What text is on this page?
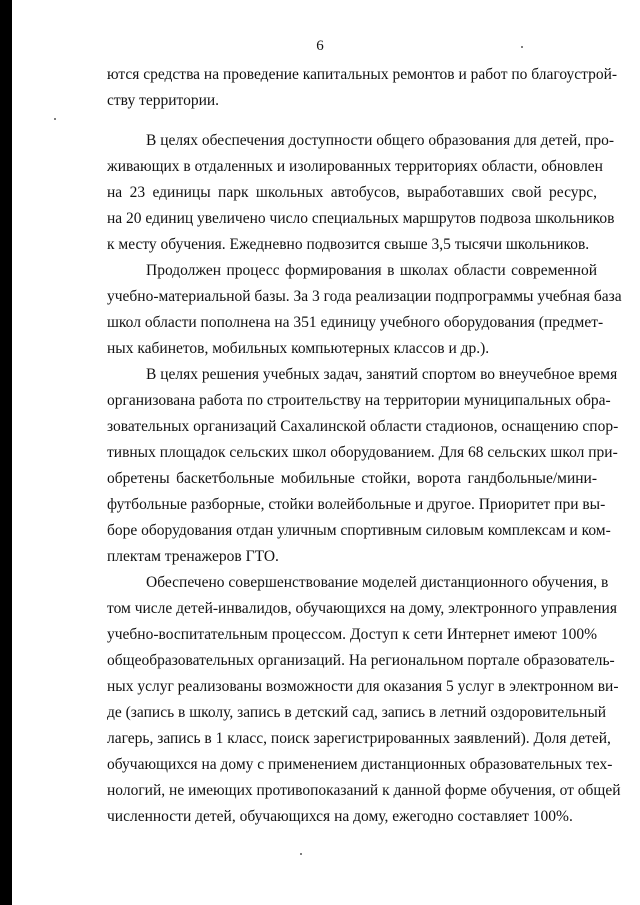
6
ются средства на проведение капитальных ремонтов и работ по благоустрой-
ству территории.
В целях обеспечения доступности общего образования для детей, про-
живающих в отдаленных и изолированных территориях области, обновлен
на 23 единицы парк школьных автобусов, выработавших свой ресурс,
на 20 единиц увеличено число специальных маршрутов подвоза школьников
к месту обучения. Ежедневно подвозится свыше 3,5 тысячи школьников.
Продолжен процесс формирования в школах области современной
учебно-материальной базы. За 3 года реализации подпрограммы учебная база
школ области пополнена на 351 единицу учебного оборудования (предмет-
ных кабинетов, мобильных компьютерных классов и др.).
В целях решения учебных задач, занятий спортом во внеучебное время
организована работа по строительству на территории муниципальных обра-
зовательных организаций Сахалинской области стадионов, оснащению спор-
тивных площадок сельских школ оборудованием. Для 68 сельских школ при-
обретены баскетбольные мобильные стойки, ворота гандбольные/мини-
футбольные разборные, стойки волейбольные и другое. Приоритет при вы-
боре оборудования отдан уличным спортивным силовым комплексам и ком-
плектам тренажеров ГТО.
Обеспечено совершенствование моделей дистанционного обучения, в
том числе детей-инвалидов, обучающихся на дому, электронного управления
учебно-воспитательным процессом. Доступ к сети Интернет имеют 100%
общеобразовательных организаций. На региональном портале образователь-
ных услуг реализованы возможности для оказания 5 услуг в электронном ви-
де (запись в школу, запись в детский сад, запись в летний оздоровительный
лагерь, запись в 1 класс, поиск зарегистрированных заявлений). Доля детей,
обучающихся на дому с применением дистанционных образовательных тех-
нологий, не имеющих противопоказаний к данной форме обучения, от общей
численности детей, обучающихся на дому, ежегодно составляет 100%.
